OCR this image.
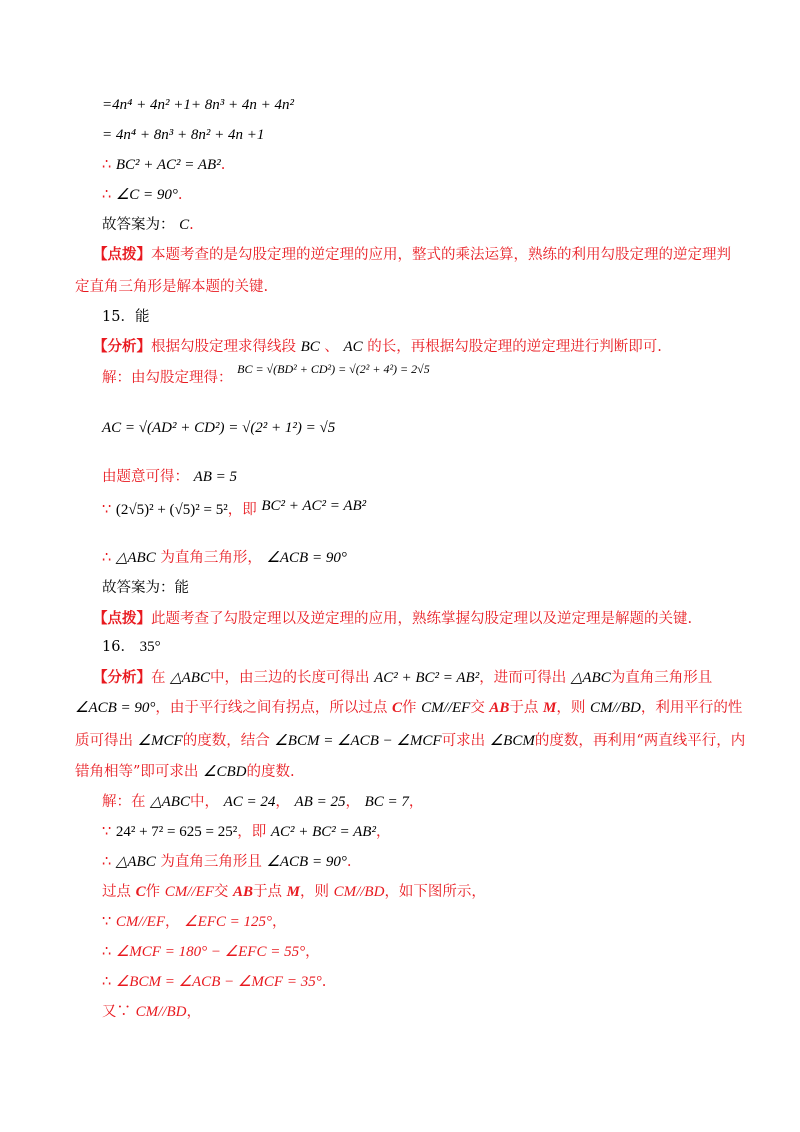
=4n⁴ + 4n² +1+ 8n³ + 4n + 4n²
= 4n⁴ + 8n³ + 8n² + 4n +1
∴ BC² + AC² = AB².
∴ ∠C = 90°.
故答案为： C.
【点拨】本题考查的是勾股定理的逆定理的应用，整式的乘法运算，熟练的利用勾股定理的逆定理判
定直角三角形是解本题的关键.
15．能
【分析】根据勾股定理求得线段 BC 、 AC 的长，再根据勾股定理的逆定理进行判断即可.
解：由勾股定理得： $^{BC = √(BD^2 + CD^2) = √(2^2 + 4^2) = 2√5}$
AC = √(AD² + CD²) = √(2² + 1²) = √5
由题意可得： AB = 5
∵ (2√5)² + (√5)² = 5²，即 BC² + AC² = AB²
∴ △ABC 为直角三角形， ∠ACB = 90°
故答案为：能
【点拨】此题考查了勾股定理以及逆定理的应用，熟练掌握勾股定理以及逆定理是解题的关键.
16． 35°
【分析】在 △ABC中，由三边的长度可得出 AC² + BC² = AB²，进而可得出 △ABC为直角三角形且
∠ACB = 90°，由于平行线之间有拐点，所以过点 C作 CM//EF交 AB于点 M，则 CM//BD，利用平行的性
质可得出 ∠MCF的度数，结合 ∠BCM = ∠ACB − ∠MCF可求出 ∠BCM的度数，再利用“两直线平行，内
错角相等”即可求出 ∠CBD的度数.
解：在 △ABC中， AC = 24， AB = 25， BC = 7，
∵ 24² + 7² = 625 = 25²，即 AC² + BC² = AB²，
∴ △ABC 为直角三角形且 ∠ACB = 90°.
过点 C作 CM//EF交 AB于点 M，则 CM//BD，如下图所示，
∵ CM//EF， ∠EFC = 125°，
∴ ∠MCF = 180° − ∠EFC = 55°，
∴ ∠BCM = ∠ACB − ∠MCF = 35°.
又∵ CM//BD，
